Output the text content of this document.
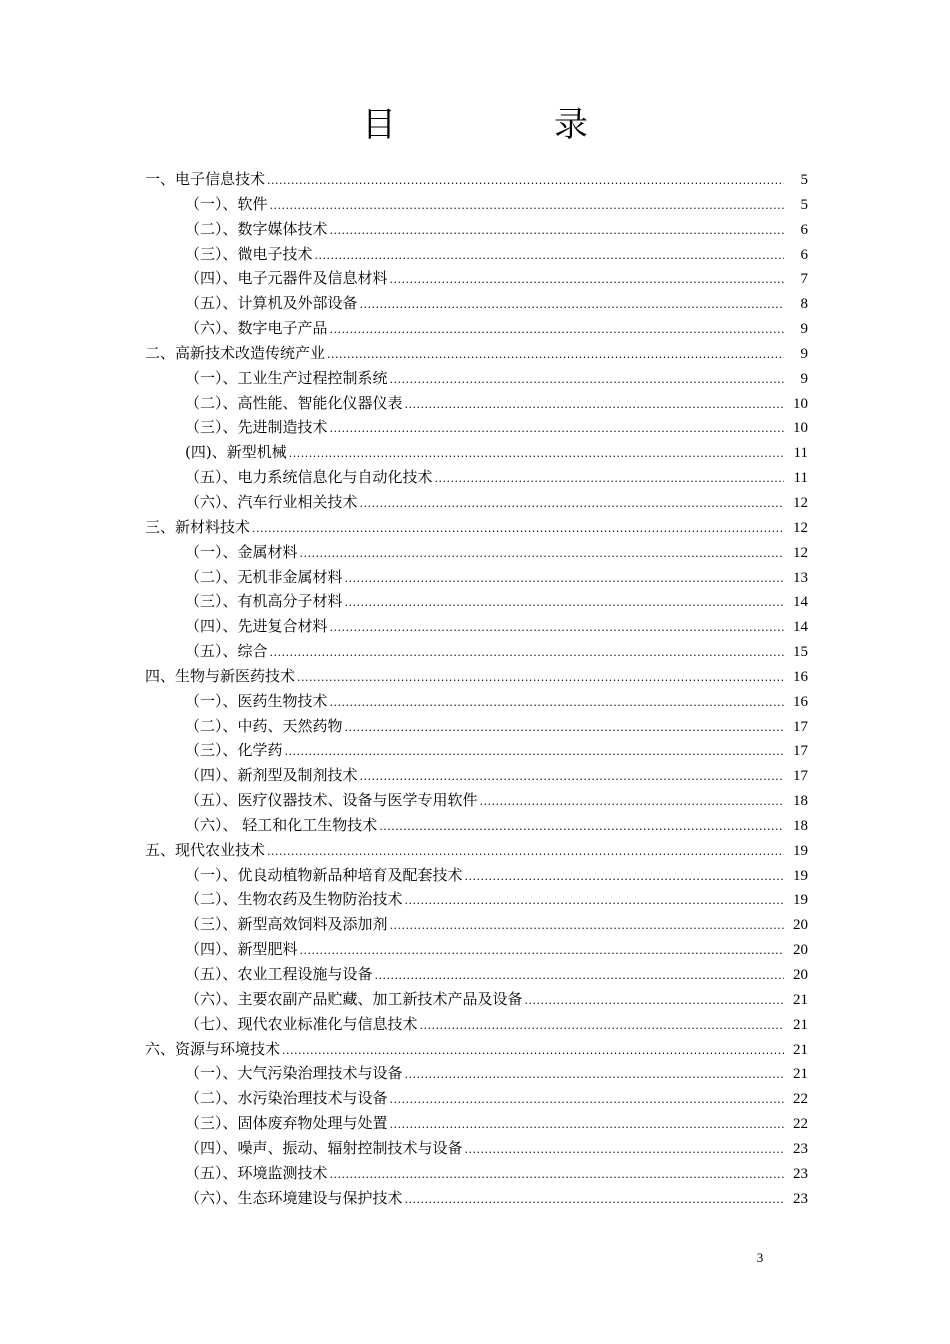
目　录
一、电子信息技术 .....	5
（一）、软件 .....	5
（二）、数字媒体技术 .....	6
（三）、微电子技术 .....	6
（四）、电子元器件及信息材料 .....	7
（五）、计算机及外部设备 .....	8
（六）、数字电子产品 .....	9
二、高新技术改造传统产业 .....	9
（一）、工业生产过程控制系统 .....	9
（二）、高性能、智能化仪器仪表 .....	10
（三）、先进制造技术 .....	10
(四)、新型机械 .....	11
（五）、电力系统信息化与自动化技术 .....	11
（六）、汽车行业相关技术 .....	12
三、新材料技术 .....	12
（一）、金属材料 .....	12
（二）、无机非金属材料 .....	13
（三）、有机高分子材料 .....	14
（四）、先进复合材料 .....	14
（五）、综合 .....	15
四、生物与新医药技术 .....	16
（一）、医药生物技术 .....	16
（二）、中药、天然药物 .....	17
（三）、化学药 .....	17
（四）、新剂型及制剂技术 .....	17
（五）、医疗仪器技术、设备与医学专用软件 .....	18
（六）、 轻工和化工生物技术 .....	18
五、现代农业技术 .....	19
（一）、优良动植物新品种培育及配套技术 .....	19
（二）、生物农药及生物防治技术 .....	19
（三）、新型高效饲料及添加剂 .....	20
（四）、新型肥料 .....	20
（五）、农业工程设施与设备 .....	20
（六）、主要农副产品贮藏、加工新技术产品及设备 .....	21
（七）、现代农业标准化与信息技术 .....	21
六、资源与环境技术 .....	21
（一）、大气污染治理技术与设备 .....	21
（二）、水污染治理技术与设备 .....	22
（三）、固体废弃物处理与处置 .....	22
（四）、噪声、振动、辐射控制技术与设备 .....	23
（五）、环境监测技术 .....	23
（六）、生态环境建设与保护技术 .....	23
3
